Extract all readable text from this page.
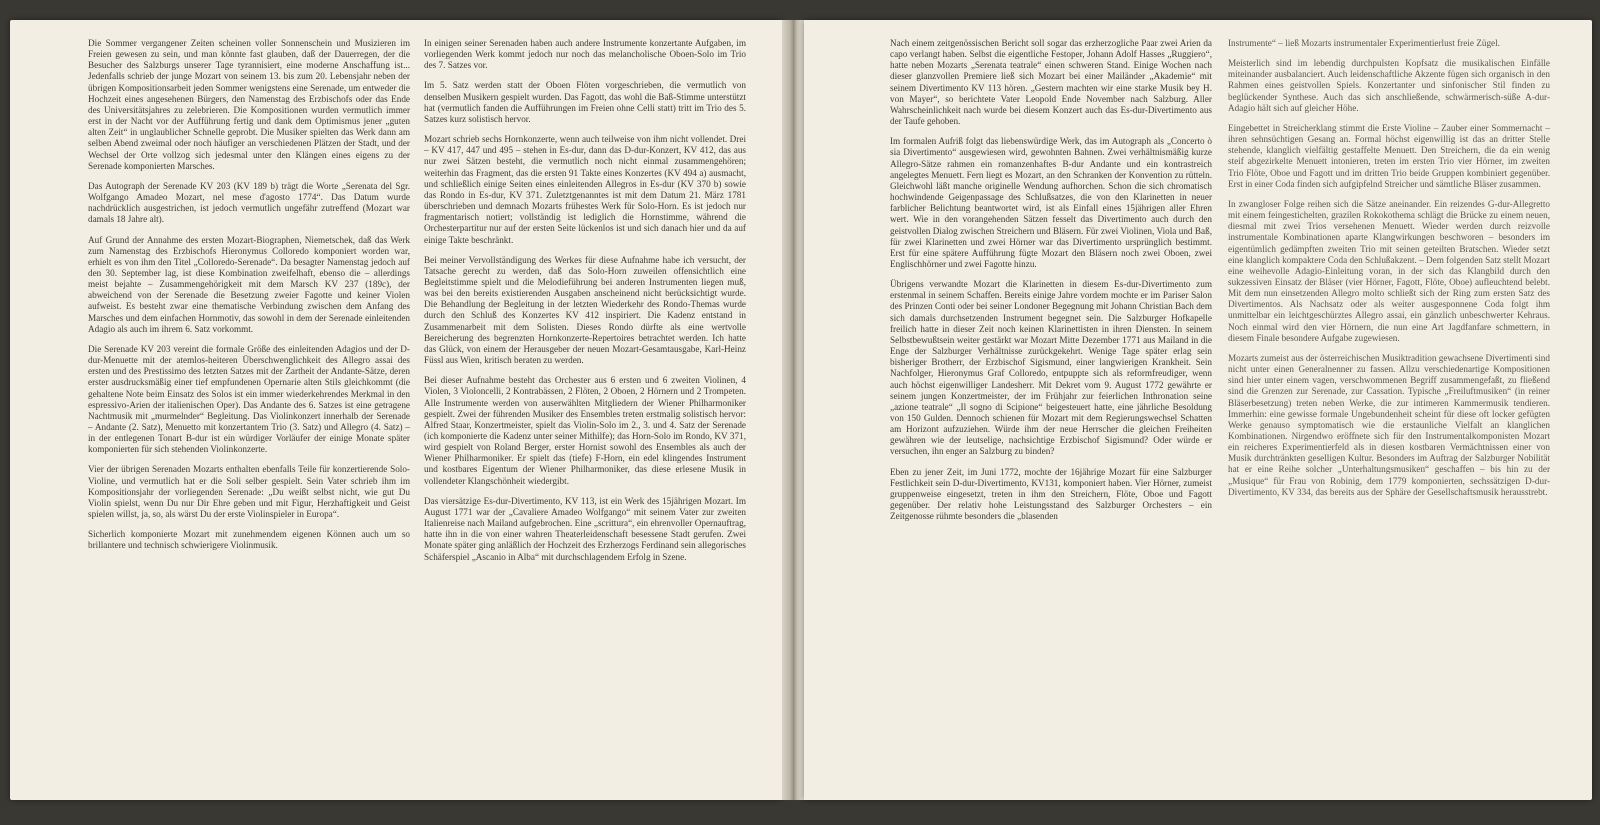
Die Sommer vergangener Zeiten scheinen voller Sonnenschein und Musizieren im Freien gewesen zu sein, und man könnte fast glauben, daß der Dauerregen, der die Besucher des Salzburgs unserer Tage tyrannisiert, eine moderne Anschaffung ist... Jedenfalls schrieb der junge Mozart von seinem 13. bis zum 20. Lebensjahr neben der übrigen Kompositionsarbeit jeden Sommer wenigstens eine Serenade, um entweder die Hochzeit eines angesehenen Bürgers, den Namenstag des Erzbischofs oder das Ende des Universitätsjahres zu zelebrieren. Die Kompositionen wurden vermutlich immer erst in der Nacht vor der Aufführung fertig und dank dem Optimismus jener „guten alten Zeit“ in unglaublicher Schnelle geprobt. Die Musiker spielten das Werk dann am selben Abend zweimal oder noch häufiger an verschiedenen Plätzen der Stadt, und der Wechsel der Orte vollzog sich jedesmal unter den Klängen eines eigens zu der Serenade komponierten Marsches.

Das Autograph der Serenade KV 203 (KV 189 b) trägt die Worte „Serenata del Sgr. Wolfgango Amadeo Mozart, nel mese d'agosto 1774“. Das Datum wurde nachdrücklich ausgestrichen, ist jedoch vermutlich ungefähr zutreffend (Mozart war damals 18 Jahre alt).

Auf Grund der Annahme des ersten Mozart-Biographen, Niemetschek, daß das Werk zum Namenstag des Erzbischofs Hieronymus Colloredo komponiert worden war, erhielt es von ihm den Titel „Colloredo-Serenade“. Da besagter Namenstag jedoch auf den 30. September lag, ist diese Kombination zweifelhaft, ebenso die – allerdings meist bejahte – Zusammengehörigkeit mit dem Marsch KV 237 (189c), der abweichend von der Serenade die Besetzung zweier Fagotte und keiner Violen aufweist. Es besteht zwar eine thematische Verbindung zwischen dem Anfang des Marsches und dem einfachen Hornmotiv, das sowohl in dem der Serenade einleitenden Adagio als auch im ihrem 6. Satz vorkommt.

Die Serenade KV 203 vereint die formale Größe des einleitenden Adagios und der D-dur-Menuette mit der atemlos-heiteren Überschwenglichkeit des Allegro assai des ersten und des Prestissimo des letzten Satzes mit der Zartheit der Andante-Sätze, deren erster ausdrucksmäßig einer tief empfundenen Opernarie alten Stils gleichkommt (die gehaltene Note beim Einsatz des Solos ist ein immer wiederkehrendes Merkmal in den espressivo-Arien der italienischen Oper). Das Andante des 6. Satzes ist eine getragene Nachtmusik mit „murmelnder“ Begleitung. Das Violinkonzert innerhalb der Serenade – Andante (2. Satz), Menuetto mit konzertantem Trio (3. Satz) und Allegro (4. Satz) – in der entlegenen Tonart B-dur ist ein würdiger Vorläufer der einige Monate später komponierten für sich stehenden Violinkonzerte.

Vier der übrigen Serenaden Mozarts enthalten ebenfalls Teile für konzertierende Solo-Violine, und vermutlich hat er die Soli selber gespielt. Sein Vater schrieb ihm im Kompositionsjahr der vorliegenden Serenade: „Du weißt selbst nicht, wie gut Du Violin spielst, wenn Du nur Dir Ehre geben und mit Figur, Herzhaftigkeit und Geist spielen willst, ja, so, als wärst Du der erste Violinspieler in Europa“.

Sicherlich komponierte Mozart mit zunehmendem eigenen Können auch um so brillantere und technisch schwierigere Violinmusik.

In einigen seiner Serenaden haben auch andere Instrumente konzertante Aufgaben, im vorliegenden Werk kommt jedoch nur noch das melancholische Oboen-Solo im Trio des 7. Satzes vor.

Im 5. Satz werden statt der Oboen Flöten vorgeschrieben, die vermutlich von denselben Musikern gespielt wurden. Das Fagott, das wohl die Baß-Stimme unterstützt hat (vermutlich fanden die Aufführungen im Freien ohne Celli statt) tritt im Trio des 5. Satzes kurz solistisch hervor.

Mozart schrieb sechs Hornkonzerte, wenn auch teilweise von ihm nicht vollendet. Drei – KV 417, 447 und 495 – stehen in Es-dur, dann das D-dur-Konzert, KV 412, das aus nur zwei Sätzen besteht, die vermutlich noch nicht einmal zusammengehören; weiterhin das Fragment, das die ersten 91 Takte eines Konzertes (KV 494 a) ausmacht, und schließlich einige Seiten eines einleitenden Allegros in Es-dur (KV 370 b) sowie das Rondo in Es-dur, KV 371. Zuletztgenanntes ist mit dem Datum 21. März 1781 überschrieben und demnach Mozarts frühestes Werk für Solo-Horn. Es ist jedoch nur fragmentarisch notiert; vollständig ist lediglich die Hornstimme, während die Orchesterpartitur nur auf der ersten Seite lückenlos ist und sich danach hier und da auf einige Takte beschränkt.

Bei meiner Vervollständigung des Werkes für diese Aufnahme habe ich versucht, der Tatsache gerecht zu werden, daß das Solo-Horn zuweilen offensichtlich eine Begleitstimme spielt und die Melodieführung bei anderen Instrumenten liegen muß, was bei den bereits existierenden Ausgaben anscheinend nicht berücksichtigt wurde. Die Behandlung der Begleitung in der letzten Wiederkehr des Rondo-Themas wurde durch den Schluß des Konzertes KV 412 inspiriert. Die Kadenz entstand in Zusammenarbeit mit dem Solisten. Dieses Rondo dürfte als eine wertvolle Bereicherung des begrenzten Hornkonzerte-Repertoires betrachtet werden. Ich hatte das Glück, von einem der Herausgeber der neuen Mozart-Gesamtausgabe, Karl-Heinz Füssl aus Wien, kritisch beraten zu werden.

Bei dieser Aufnahme besteht das Orchester aus 6 ersten und 6 zweiten Violinen, 4 Violen, 3 Violoncelli, 2 Kontrabässen, 2 Flöten, 2 Oboen, 2 Hörnern und 2 Trompeten. Alle Instrumente werden von auserwählten Mitgliedern der Wiener Philharmoniker gespielt. Zwei der führenden Musiker des Ensembles treten erstmalig solistisch hervor: Alfred Staar, Konzertmeister, spielt das Violin-Solo im 2., 3. und 4. Satz der Serenade (ich komponierte die Kadenz unter seiner Mithilfe); das Horn-Solo im Rondo, KV 371, wird gespielt von Roland Berger, erster Hornist sowohl des Ensembles als auch der Wiener Philharmoniker. Er spielt das (tiefe) F-Horn, ein edel klingendes Instrument und kostbares Eigentum der Wiener Philharmoniker, das diese erlesene Musik in vollendeter Klangschönheit wiedergibt.

Das viersätzige Es-dur-Divertimento, KV 113, ist ein Werk des 15jährigen Mozart. Im August 1771 war der „Cavaliere Amadeo Wolfgango“ mit seinem Vater zur zweiten Italienreise nach Mailand aufgebrochen. Eine „scrittura“, ein ehrenvoller Opernauftrag, hatte ihn in die von einer wahren Theaterleidenschaft besessene Stadt gerufen. Zwei Monate später ging anläßlich der Hochzeit des Erzherzogs Ferdinand sein allegorisches Schäferspiel „Ascanio in Alba“ mit durchschlagendem Erfolg in Szene.

Nach einem zeitgenössischen Bericht soll sogar das erzherzogliche Paar zwei Arien da capo verlangt haben. Selbst die eigentliche Festoper, Johann Adolf Hasses „Ruggiero“, hatte neben Mozarts „Serenata teatrale“ einen schweren Stand. Einige Wochen nach dieser glanzvollen Premiere ließ sich Mozart bei einer Mailänder „Akademie“ mit seinem Divertimento KV 113 hören. „Gestern machten wir eine starke Musik bey H. von Mayer“, so berichtete Vater Leopold Ende November nach Salzburg. Aller Wahrscheinlichkeit nach wurde bei diesem Konzert auch das Es-dur-Divertimento aus der Taufe gehoben.

Im formalen Aufriß folgt das liebenswürdige Werk, das im Autograph als „Concerto ò sia Divertimento“ ausgewiesen wird, gewohnten Bahnen. Zwei verhältnismäßig kurze Allegro-Sätze rahmen ein romanzenhaftes B-dur Andante und ein kontrastreich angelegtes Menuett. Fern liegt es Mozart, an den Schranken der Konvention zu rütteln. Gleichwohl läßt manche originelle Wendung aufhorchen. Schon die sich chromatisch hochwindende Geigenpassage des Schlußsatzes, die von den Klarinetten in neuer farblicher Belichtung beantwortet wird, ist als Einfall eines 15jährigen aller Ehren wert. Wie in den vorangehenden Sätzen fesselt das Divertimento auch durch den geistvollen Dialog zwischen Streichern und Bläsern. Für zwei Violinen, Viola und Baß, für zwei Klarinetten und zwei Hörner war das Divertimento ursprünglich bestimmt. Erst für eine spätere Aufführung fügte Mozart den Bläsern noch zwei Oboen, zwei Englischhörner und zwei Fagotte hinzu.

Übrigens verwandte Mozart die Klarinetten in diesem Es-dur-Divertimento zum erstenmal in seinem Schaffen. Bereits einige Jahre vordem mochte er im Pariser Salon des Prinzen Conti oder bei seiner Londoner Begegnung mit Johann Christian Bach dem sich damals durchsetzenden Instrument begegnet sein. Die Salzburger Hofkapelle freilich hatte in dieser Zeit noch keinen Klarinettisten in ihren Diensten. In seinem Selbstbewußtsein weiter gestärkt war Mozart Mitte Dezember 1771 aus Mailand in die Enge der Salzburger Verhältnisse zurückgekehrt. Wenige Tage später erlag sein bisheriger Brotherr, der Erzbischof Sigismund, einer langwierigen Krankheit. Sein Nachfolger, Hieronymus Graf Colloredo, entpuppte sich als reformfreudiger, wenn auch höchst eigenwilliger Landesherr. Mit Dekret vom 9. August 1772 gewährte er seinem jungen Konzertmeister, der im Frühjahr zur feierlichen Inthronation seine „azione teatrale“ „Il sogno di Scipione“ beigesteuert hatte, eine jährliche Besoldung von 150 Gulden. Dennoch schienen für Mozart mit dem Regierungswechsel Schatten am Horizont aufzuziehen. Würde ihm der neue Herrscher die gleichen Freiheiten gewähren wie der leutselige, nachsichtige Erzbischof Sigismund? Oder würde er versuchen, ihn enger an Salzburg zu binden?

Eben zu jener Zeit, im Juni 1772, mochte der 16jährige Mozart für eine Salzburger Festlichkeit sein D-dur-Divertimento, KV131, komponiert haben. Vier Hörner, zumeist gruppenweise eingesetzt, treten in ihm den Streichern, Flöte, Oboe und Fagott gegenüber. Der relativ hohe Leistungsstand des Salzburger Orchesters – ein Zeitgenosse rühmte besonders die „blasenden

Instrumente“ – ließ Mozarts instrumentaler Experimentierlust freie Zügel.

Meisterlich sind im lebendig durchpulsten Kopfsatz die musikalischen Einfälle miteinander ausbalanciert. Auch leidenschaftliche Akzente fügen sich organisch in den Rahmen eines geistvollen Spiels. Konzertanter und sinfonischer Stil finden zu beglückender Synthese. Auch das sich anschließende, schwärmerisch-süße A-dur-Adagio hält sich auf gleicher Höhe.

Eingebettet in Streicherklang stimmt die Erste Violine – Zauber einer Sommernacht – ihren sehnsüchtigen Gesang an. Formal höchst eigenwillig ist das an dritter Stelle stehende, klanglich vielfältig gestaffelte Menuett. Den Streichern, die da ein wenig steif abgezirkelte Menuett intonieren, treten im ersten Trio vier Hörner, im zweiten Trio Flöte, Oboe und Fagott und im dritten Trio beide Gruppen kombiniert gegenüber. Erst in einer Coda finden sich aufgipfelnd Streicher und sämtliche Bläser zusammen.

In zwangloser Folge reihen sich die Sätze aneinander. Ein reizendes G-dur-Allegretto mit einem feingestichelten, grazilen Rokokothema schlägt die Brücke zu einem neuen, diesmal mit zwei Trios versehenen Menuett. Wieder werden durch reizvolle instrumentale Kombinationen aparte Klangwirkungen beschworen – besonders im eigentümlich gedämpften zweiten Trio mit seinen geteilten Bratschen. Wieder setzt eine klanglich kompaktere Coda den Schlußakzent. – Dem folgenden Satz stellt Mozart eine weihevolle Adagio-Einleitung voran, in der sich das Klangbild durch den sukzessiven Einsatz der Bläser (vier Hörner, Fagott, Flöte, Oboe) aufleuchtend belebt. Mit dem nun einsetzenden Allegro molto schließt sich der Ring zum ersten Satz des Divertimentos. Als Nachsatz oder als weiter ausgesponnene Coda folgt ihm unmittelbar ein leichtgeschürztes Allegro assai, ein gänzlich unbeschwerter Kehraus. Noch einmal wird den vier Hörnern, die nun eine Art Jagdfanfare schmettern, in diesem Finale besondere Aufgabe zugewiesen.

Mozarts zumeist aus der österreichischen Musiktradition gewachsene Divertimenti sind nicht unter einen Generalnenner zu fassen. Allzu verschiedenartige Kompositionen sind hier unter einem vagen, verschwommenen Begriff zusammengefaßt, zu fließend sind die Grenzen zur Serenade, zur Cassation. Typische „Freiluftmusiken“ (in reiner Bläserbesetzung) treten neben Werke, die zur intimeren Kammermusik tendieren. Immerhin: eine gewisse formale Ungebundenheit scheint für diese oft locker gefügten Werke genauso symptomatisch wie die erstaunliche Vielfalt an klanglichen Kombinationen. Nirgendwo eröffnete sich für den Instrumentalkomponisten Mozart ein reicheres Experimentierfeld als in diesen kostbaren Vermächtnissen einer von Musik durchtränkten geselligen Kultur. Besonders im Auftrag der Salzburger Nobilität hat er eine Reihe solcher „Unterhaltungsmusiken“ geschaffen – bis hin zu der „Musique“ für Frau von Robinig, dem 1779 komponierten, sechssätzigen D-dur-Divertimento, KV 334, das bereits aus der Sphäre der Gesellschaftsmusik herausstrebt.
